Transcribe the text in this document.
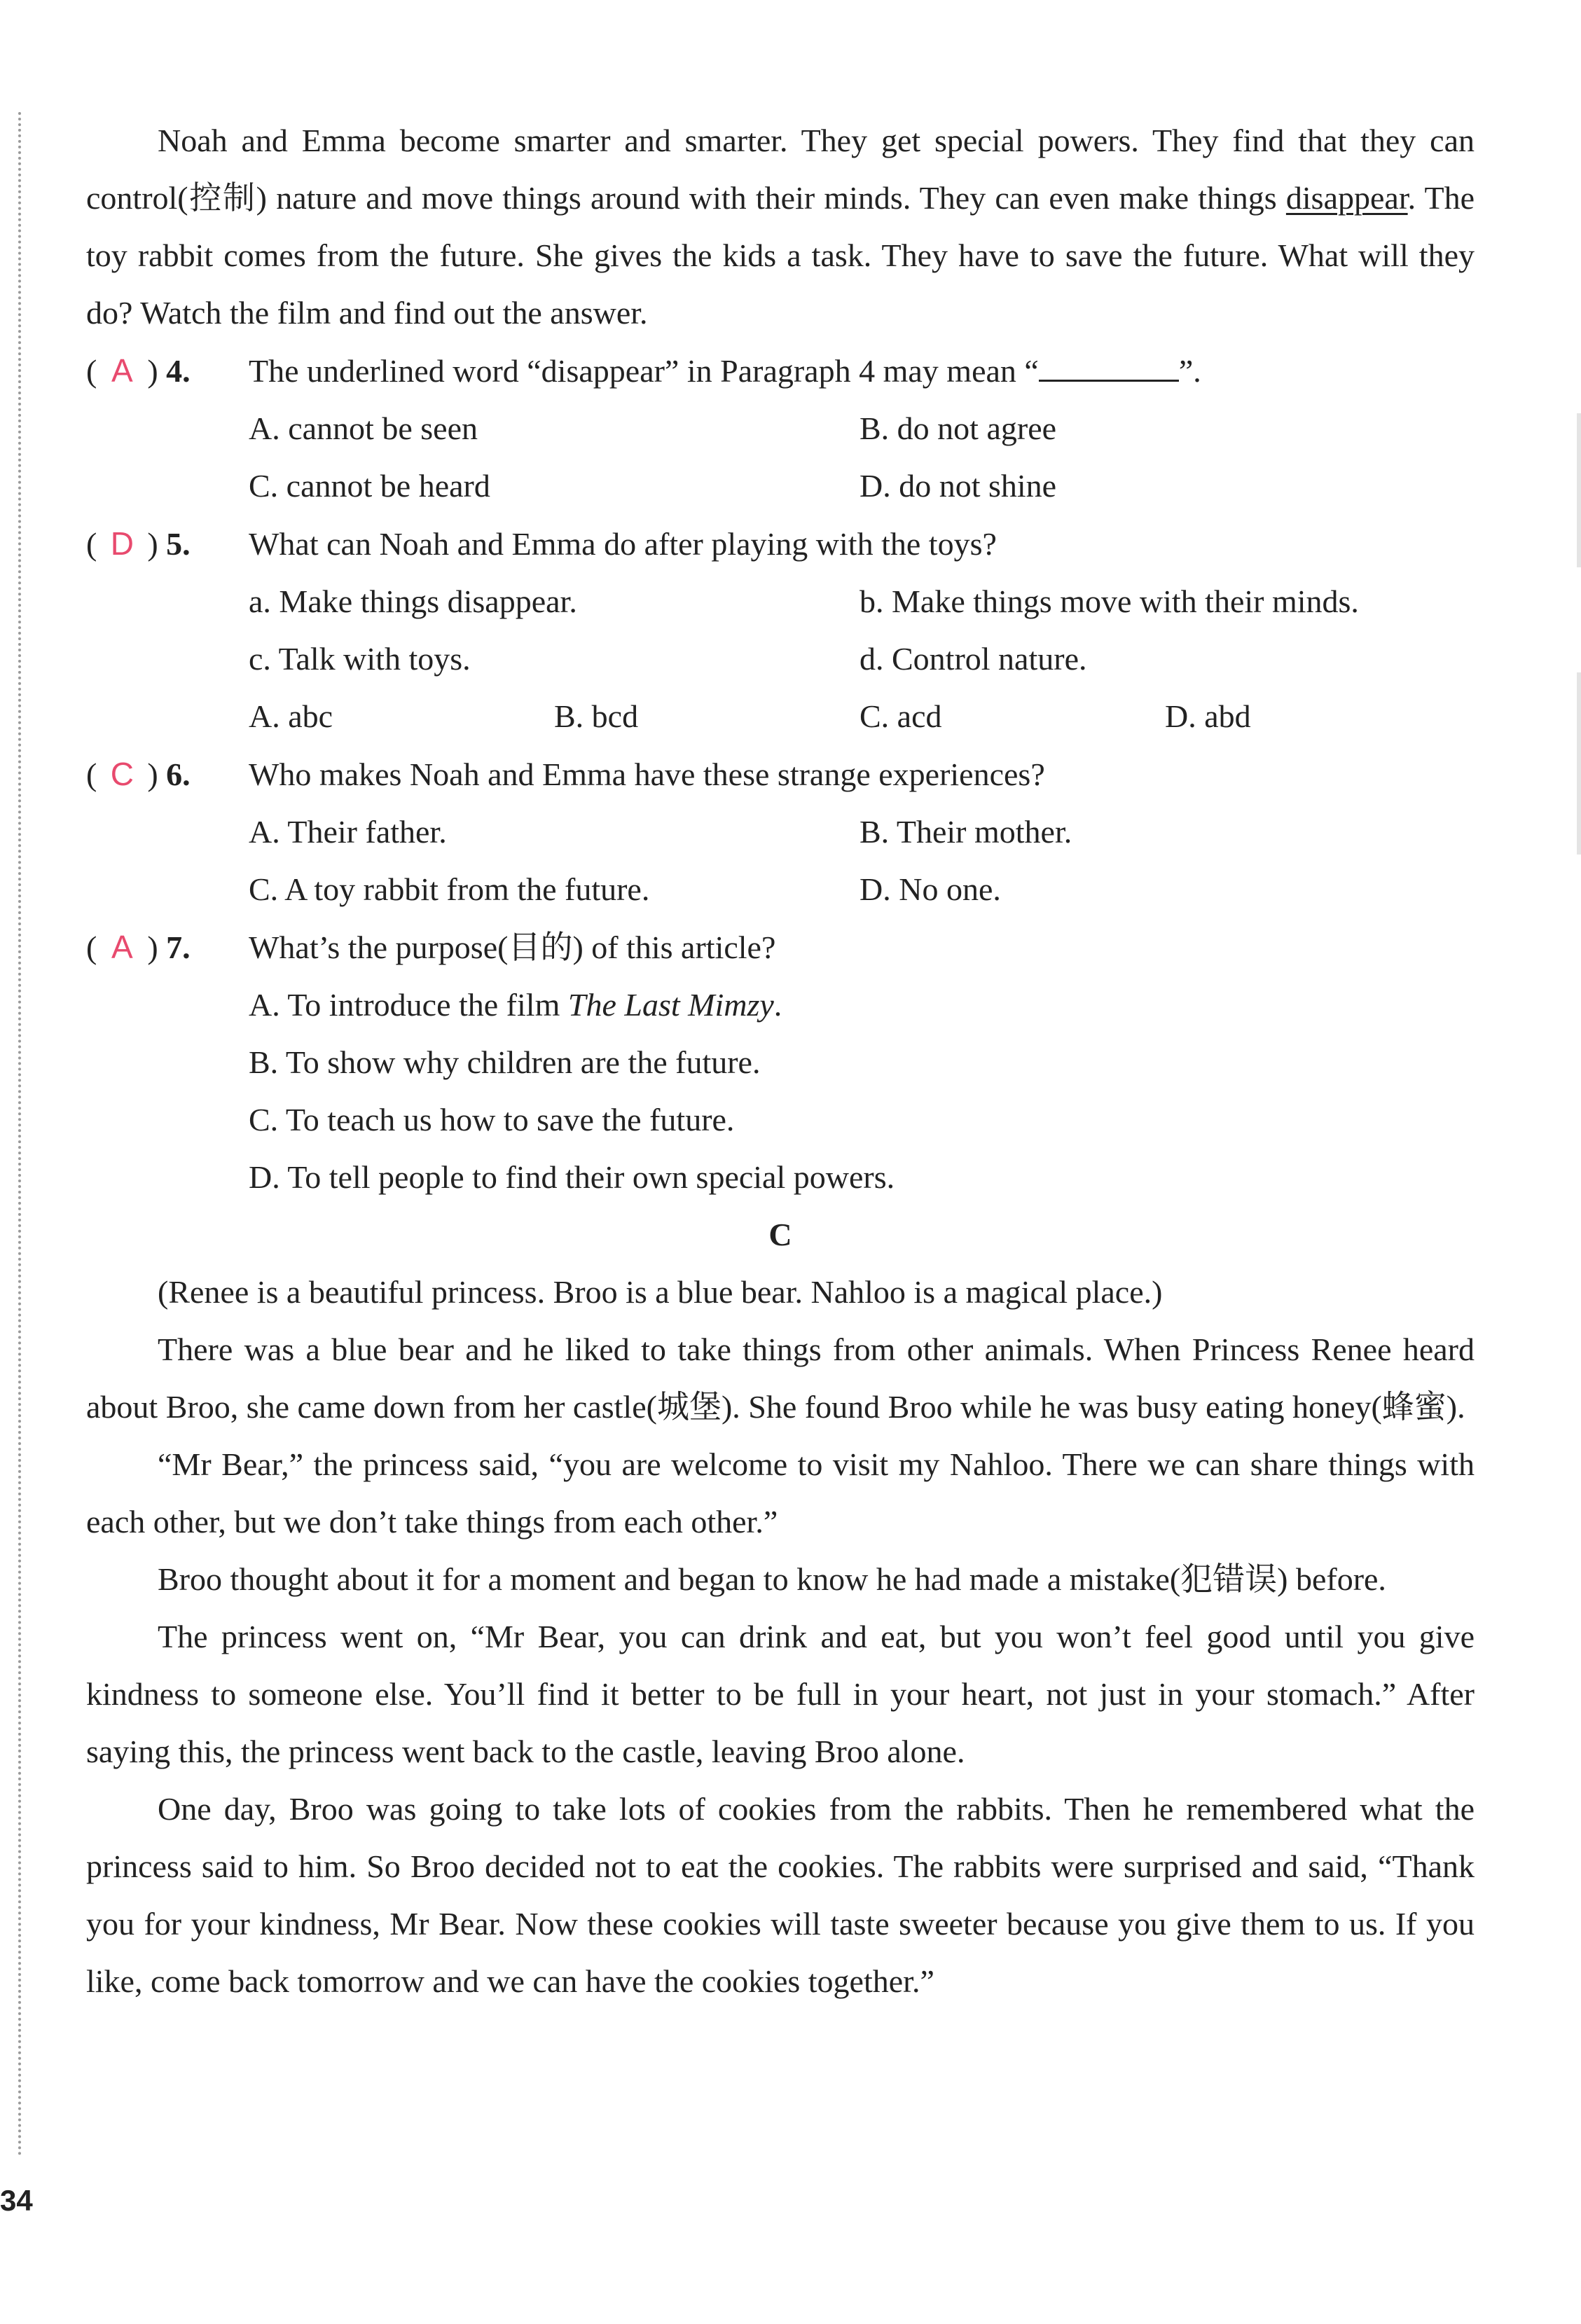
Noah and Emma become smarter and smarter. They get special powers. They find that they can control(控制) nature and move things around with their minds. They can even make things disappear. The toy rabbit comes from the future. She gives the kids a task. They have to save the future. What will they do? Watch the film and find out the answer.

( A ) 4.	The underlined word “disappear” in Paragraph 4 may mean “	”.
A. cannot be seen	B. do not agree
C. cannot be heard	D. do not shine
( D ) 5.	What can Noah and Emma do after playing with the toys?
a. Make things disappear.	b. Make things move with their minds.
c. Talk with toys.	d. Control nature.
A. abc	B. bcd	C. acd	D. abd
( C ) 6.	Who makes Noah and Emma have these strange experiences?
A. Their father.	B. Their mother.
C. A toy rabbit from the future.	D. No one.
( A ) 7.	What’s the purpose(目的) of this article?
A. To introduce the film The Last Mimzy.
B. To show why children are the future.
C. To teach us how to save the future.
D. To tell people to find their own special powers.
C

(Renee is a beautiful princess. Broo is a blue bear. Nahloo is a magical place.)

There was a blue bear and he liked to take things from other animals. When Princess Renee heard about Broo, she came down from her castle(城堡). She found Broo while he was busy eating honey(蜂蜜).

“Mr Bear,” the princess said, “you are welcome to visit my Nahloo. There we can share things with each other, but we don’t take things from each other.”

Broo thought about it for a moment and began to know he had made a mistake(犯错误) before.

The princess went on, “Mr Bear, you can drink and eat, but you won’t feel good until you give kindness to someone else. You’ll find it better to be full in your heart, not just in your stomach.” After saying this, the princess went back to the castle, leaving Broo alone.

One day, Broo was going to take lots of cookies from the rabbits. Then he remembered what the princess said to him. So Broo decided not to eat the cookies. The rabbits were surprised and said, “Thank you for your kindness, Mr Bear. Now these cookies will taste sweeter because you give them to us. If you like, come back tomorrow and we can have the cookies together.”

34
